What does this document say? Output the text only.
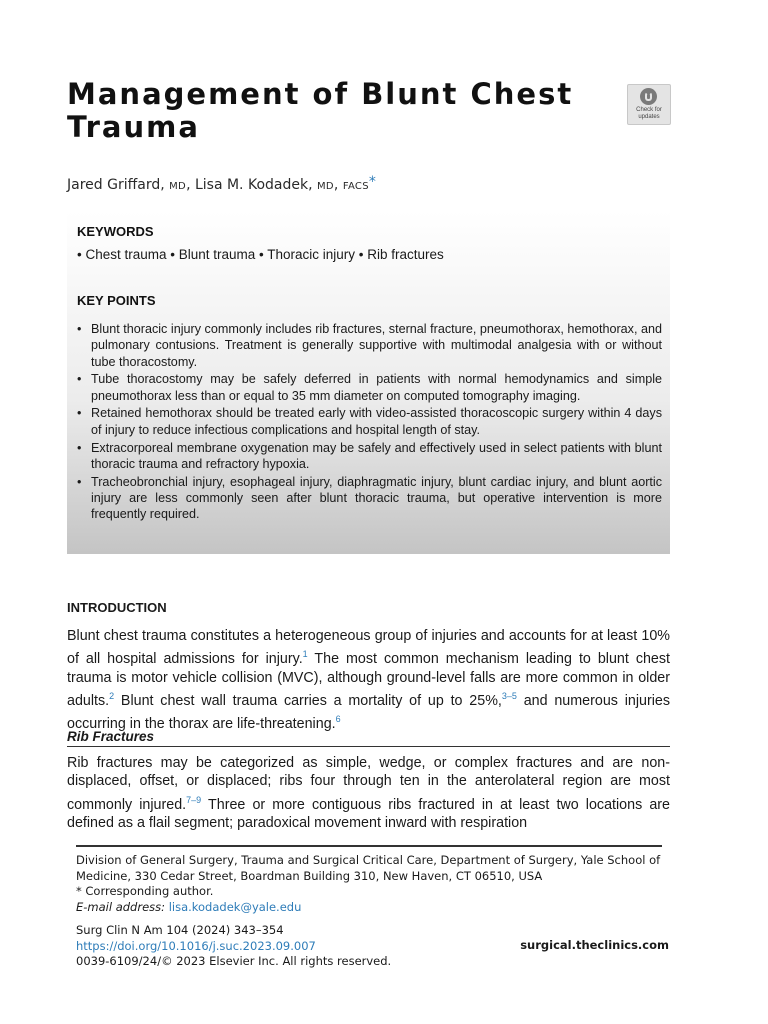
Management of Blunt Chest Trauma	Check for
updates
Jared Griffard, MD, Lisa M. Kodadek, MD, FACS*
KEYWORDS
• Chest trauma • Blunt trauma • Thoracic injury • Rib fractures
KEY POINTS
• Blunt thoracic injury commonly includes rib fractures, sternal fracture, pneumothorax, hemothorax, and pulmonary contusions. Treatment is generally supportive with multimodal analgesia with or without tube thoracostomy.
• Tube thoracostomy may be safely deferred in patients with normal hemodynamics and simple pneumothorax less than or equal to 35 mm diameter on computed tomography imaging.
• Retained hemothorax should be treated early with video-assisted thoracoscopic surgery within 4 days of injury to reduce infectious complications and hospital length of stay.
• Extracorporeal membrane oxygenation may be safely and effectively used in select patients with blunt thoracic trauma and refractory hypoxia.
• Tracheobronchial injury, esophageal injury, diaphragmatic injury, blunt cardiac injury, and blunt aortic injury are less commonly seen after blunt thoracic trauma, but operative intervention is more frequently required.
INTRODUCTION

Blunt chest trauma constitutes a heterogeneous group of injuries and accounts for at least 10% of all hospital admissions for injury.$^1$ The most common mechanism leading to blunt chest trauma is motor vehicle collision (MVC), although ground-level falls are more common in older adults.$^2$ Blunt chest wall trauma carries a mortality of up to 25%,$^{3-5}$ and numerous injuries occurring in the thorax are life-threatening.$^6$

Rib Fractures

Rib fractures may be categorized as simple, wedge, or complex fractures and are non-displaced, offset, or displaced; ribs four through ten in the anterolateral region are most commonly injured.$^{7-9}$ Three or more contiguous ribs fractured in at least two locations are defined as a flail segment; paradoxical movement inward with respiration

Division of General Surgery, Trauma and Surgical Critical Care, Department of Surgery, Yale School of Medicine, 330 Cedar Street, Boardman Building 310, New Haven, CT 06510, USA
* Corresponding author.
E-mail address: lisa.kodadek@yale.edu
Surg Clin N Am 104 (2024) 343–354
https://doi.org/10.1016/j.suc.2023.09.007
0039-6109/24/© 2023 Elsevier Inc. All rights reserved.
surgical.theclinics.com
